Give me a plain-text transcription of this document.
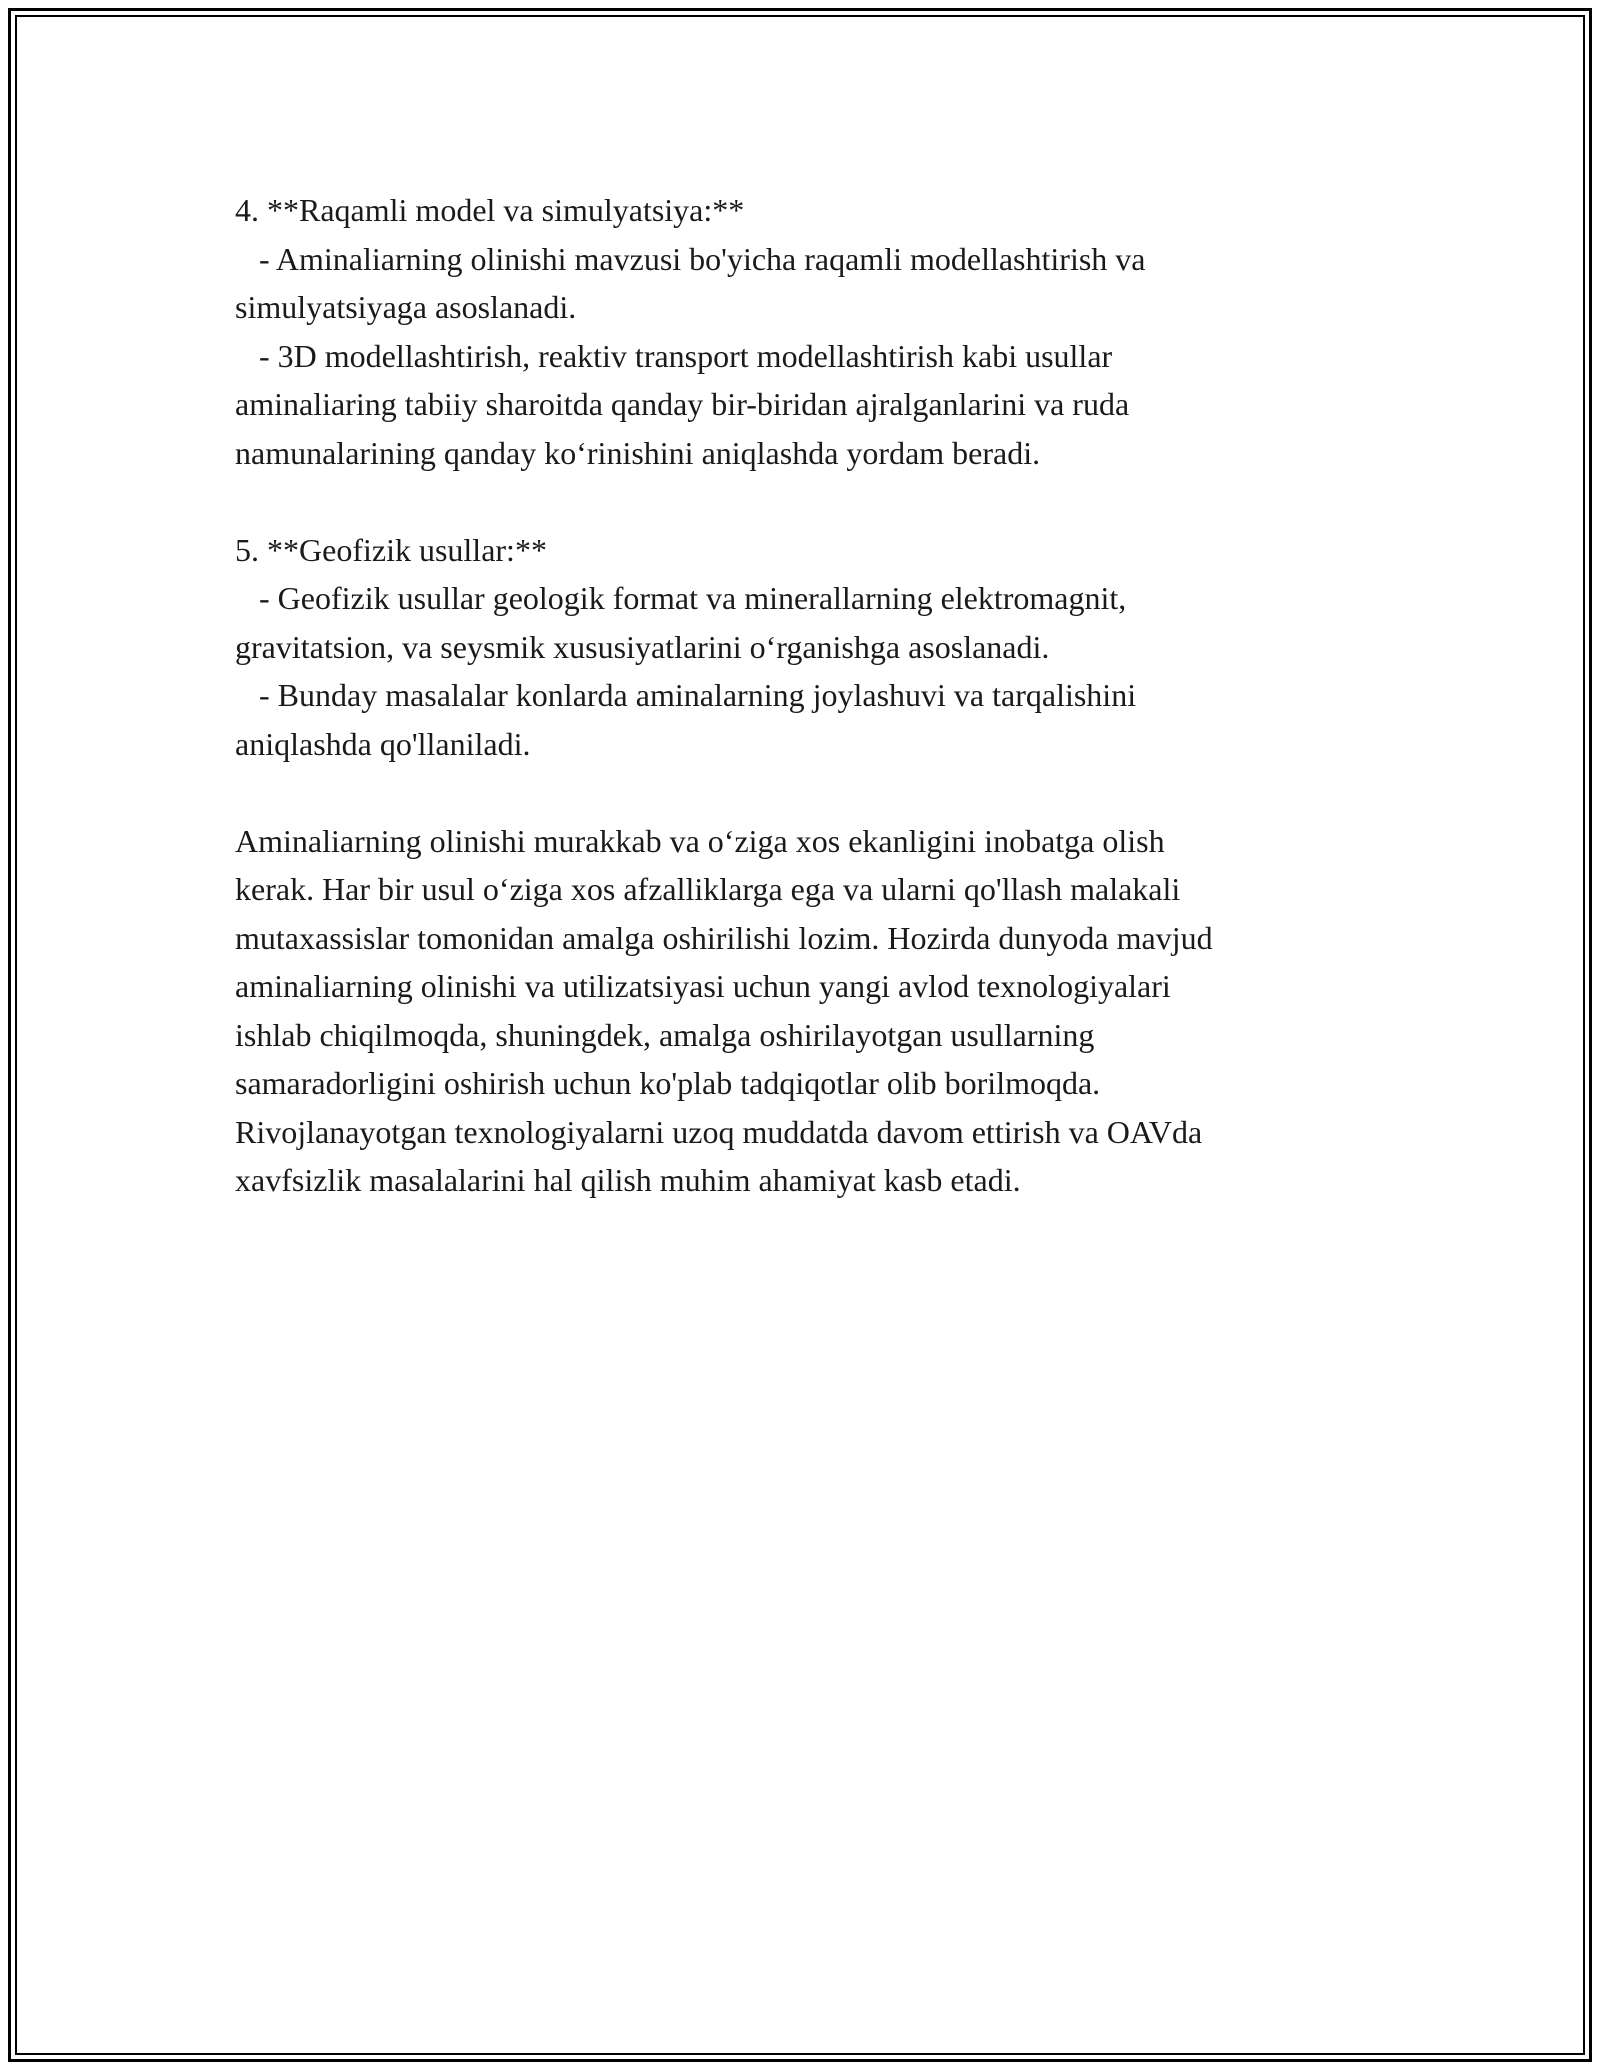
4. **Raqamli model va simulyatsiya:**
- Aminaliarning olinishi mavzusi bo'yicha raqamli modellashtirish va
simulyatsiyaga asoslanadi.
- 3D modellashtirish, reaktiv transport modellashtirish kabi usullar
aminaliaring tabiiy sharoitda qanday bir-biridan ajralganlarini va ruda
namunalarining qanday ko‘rinishini aniqlashda yordam beradi.
5. **Geofizik usullar:**
- Geofizik usullar geologik format va minerallarning elektromagnit,
gravitatsion, va seysmik xususiyatlarini o‘rganishga asoslanadi.
- Bunday masalalar konlarda aminalarning joylashuvi va tarqalishini
aniqlashda qo'llaniladi.
Aminaliarning olinishi murakkab va o‘ziga xos ekanligini inobatga olish
kerak. Har bir usul o‘ziga xos afzalliklarga ega va ularni qo'llash malakali
mutaxassislar tomonidan amalga oshirilishi lozim. Hozirda dunyoda mavjud
aminaliarning olinishi va utilizatsiyasi uchun yangi avlod texnologiyalari
ishlab chiqilmoqda, shuningdek, amalga oshirilayotgan usullarning
samaradorligini oshirish uchun ko'plab tadqiqotlar olib borilmoqda.
Rivojlanayotgan texnologiyalarni uzoq muddatda davom ettirish va OAVda
xavfsizlik masalalarini hal qilish muhim ahamiyat kasb etadi.
